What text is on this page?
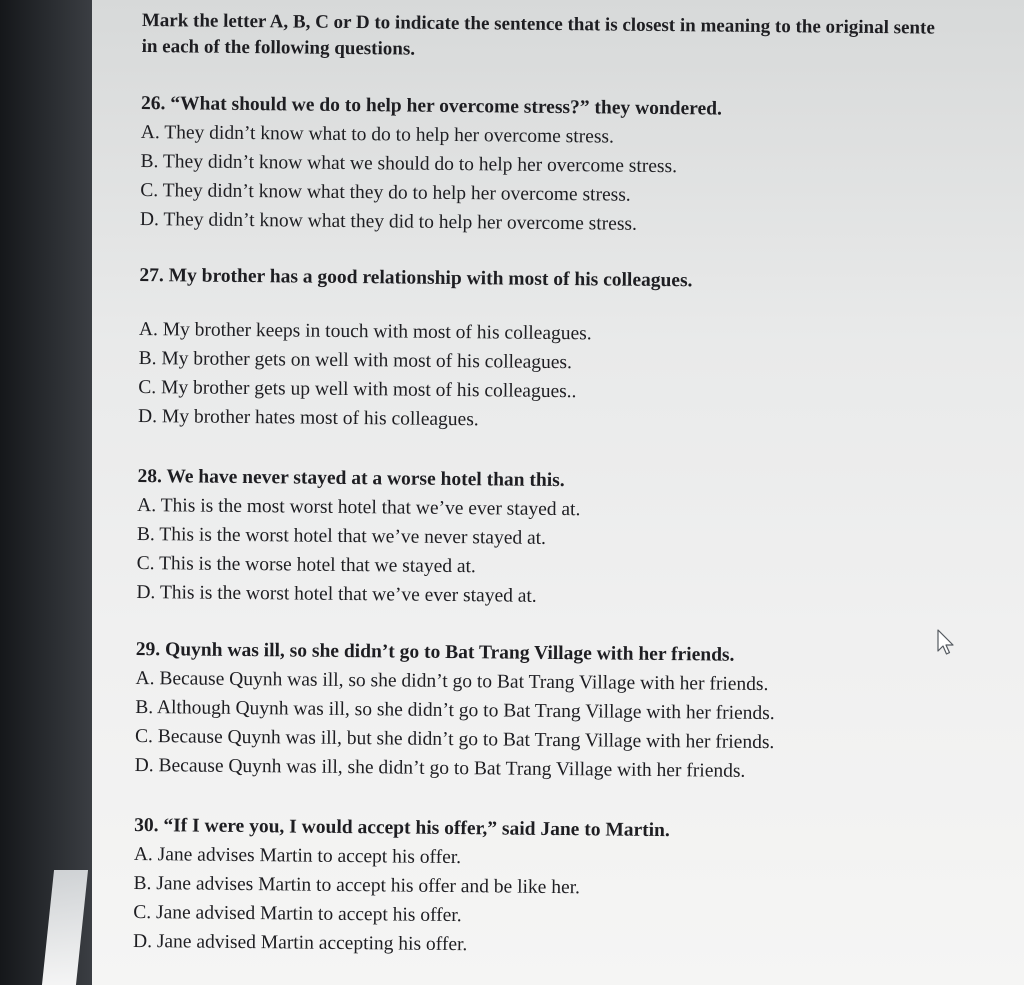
Mark the letter A, B, C or D to indicate the sentence that is closest in meaning to the original sente

in each of the following questions.

26. “What should we do to help her overcome stress?” they wondered.
A. They didn’t know what to do to help her overcome stress.
B. They didn’t know what we should do to help her overcome stress.
C. They didn’t know what they do to help her overcome stress.
D. They didn’t know what they did to help her overcome stress.
27. My brother has a good relationship with most of his colleagues.
A. My brother keeps in touch with most of his colleagues.
B. My brother gets on well with most of his colleagues.
C. My brother gets up well with most of his colleagues..
D. My brother hates most of his colleagues.
28. We have never stayed at a worse hotel than this.
A. This is the most worst hotel that we’ve ever stayed at.
B. This is the worst hotel that we’ve never stayed at.
C. This is the worse hotel that we stayed at.
D. This is the worst hotel that we’ve ever stayed at.
29. Quynh was ill, so she didn’t go to Bat Trang Village with her friends.
A. Because Quynh was ill, so she didn’t go to Bat Trang Village with her friends.
B. Although Quynh was ill, so she didn’t go to Bat Trang Village with her friends.
C. Because Quynh was ill, but she didn’t go to Bat Trang Village with her friends.
D. Because Quynh was ill, she didn’t go to Bat Trang Village with her friends.
30. “If I were you, I would accept his offer,” said Jane to Martin.
A. Jane advises Martin to accept his offer.
B. Jane advises Martin to accept his offer and be like her.
C. Jane advised Martin to accept his offer.
D. Jane advised Martin accepting his offer.
